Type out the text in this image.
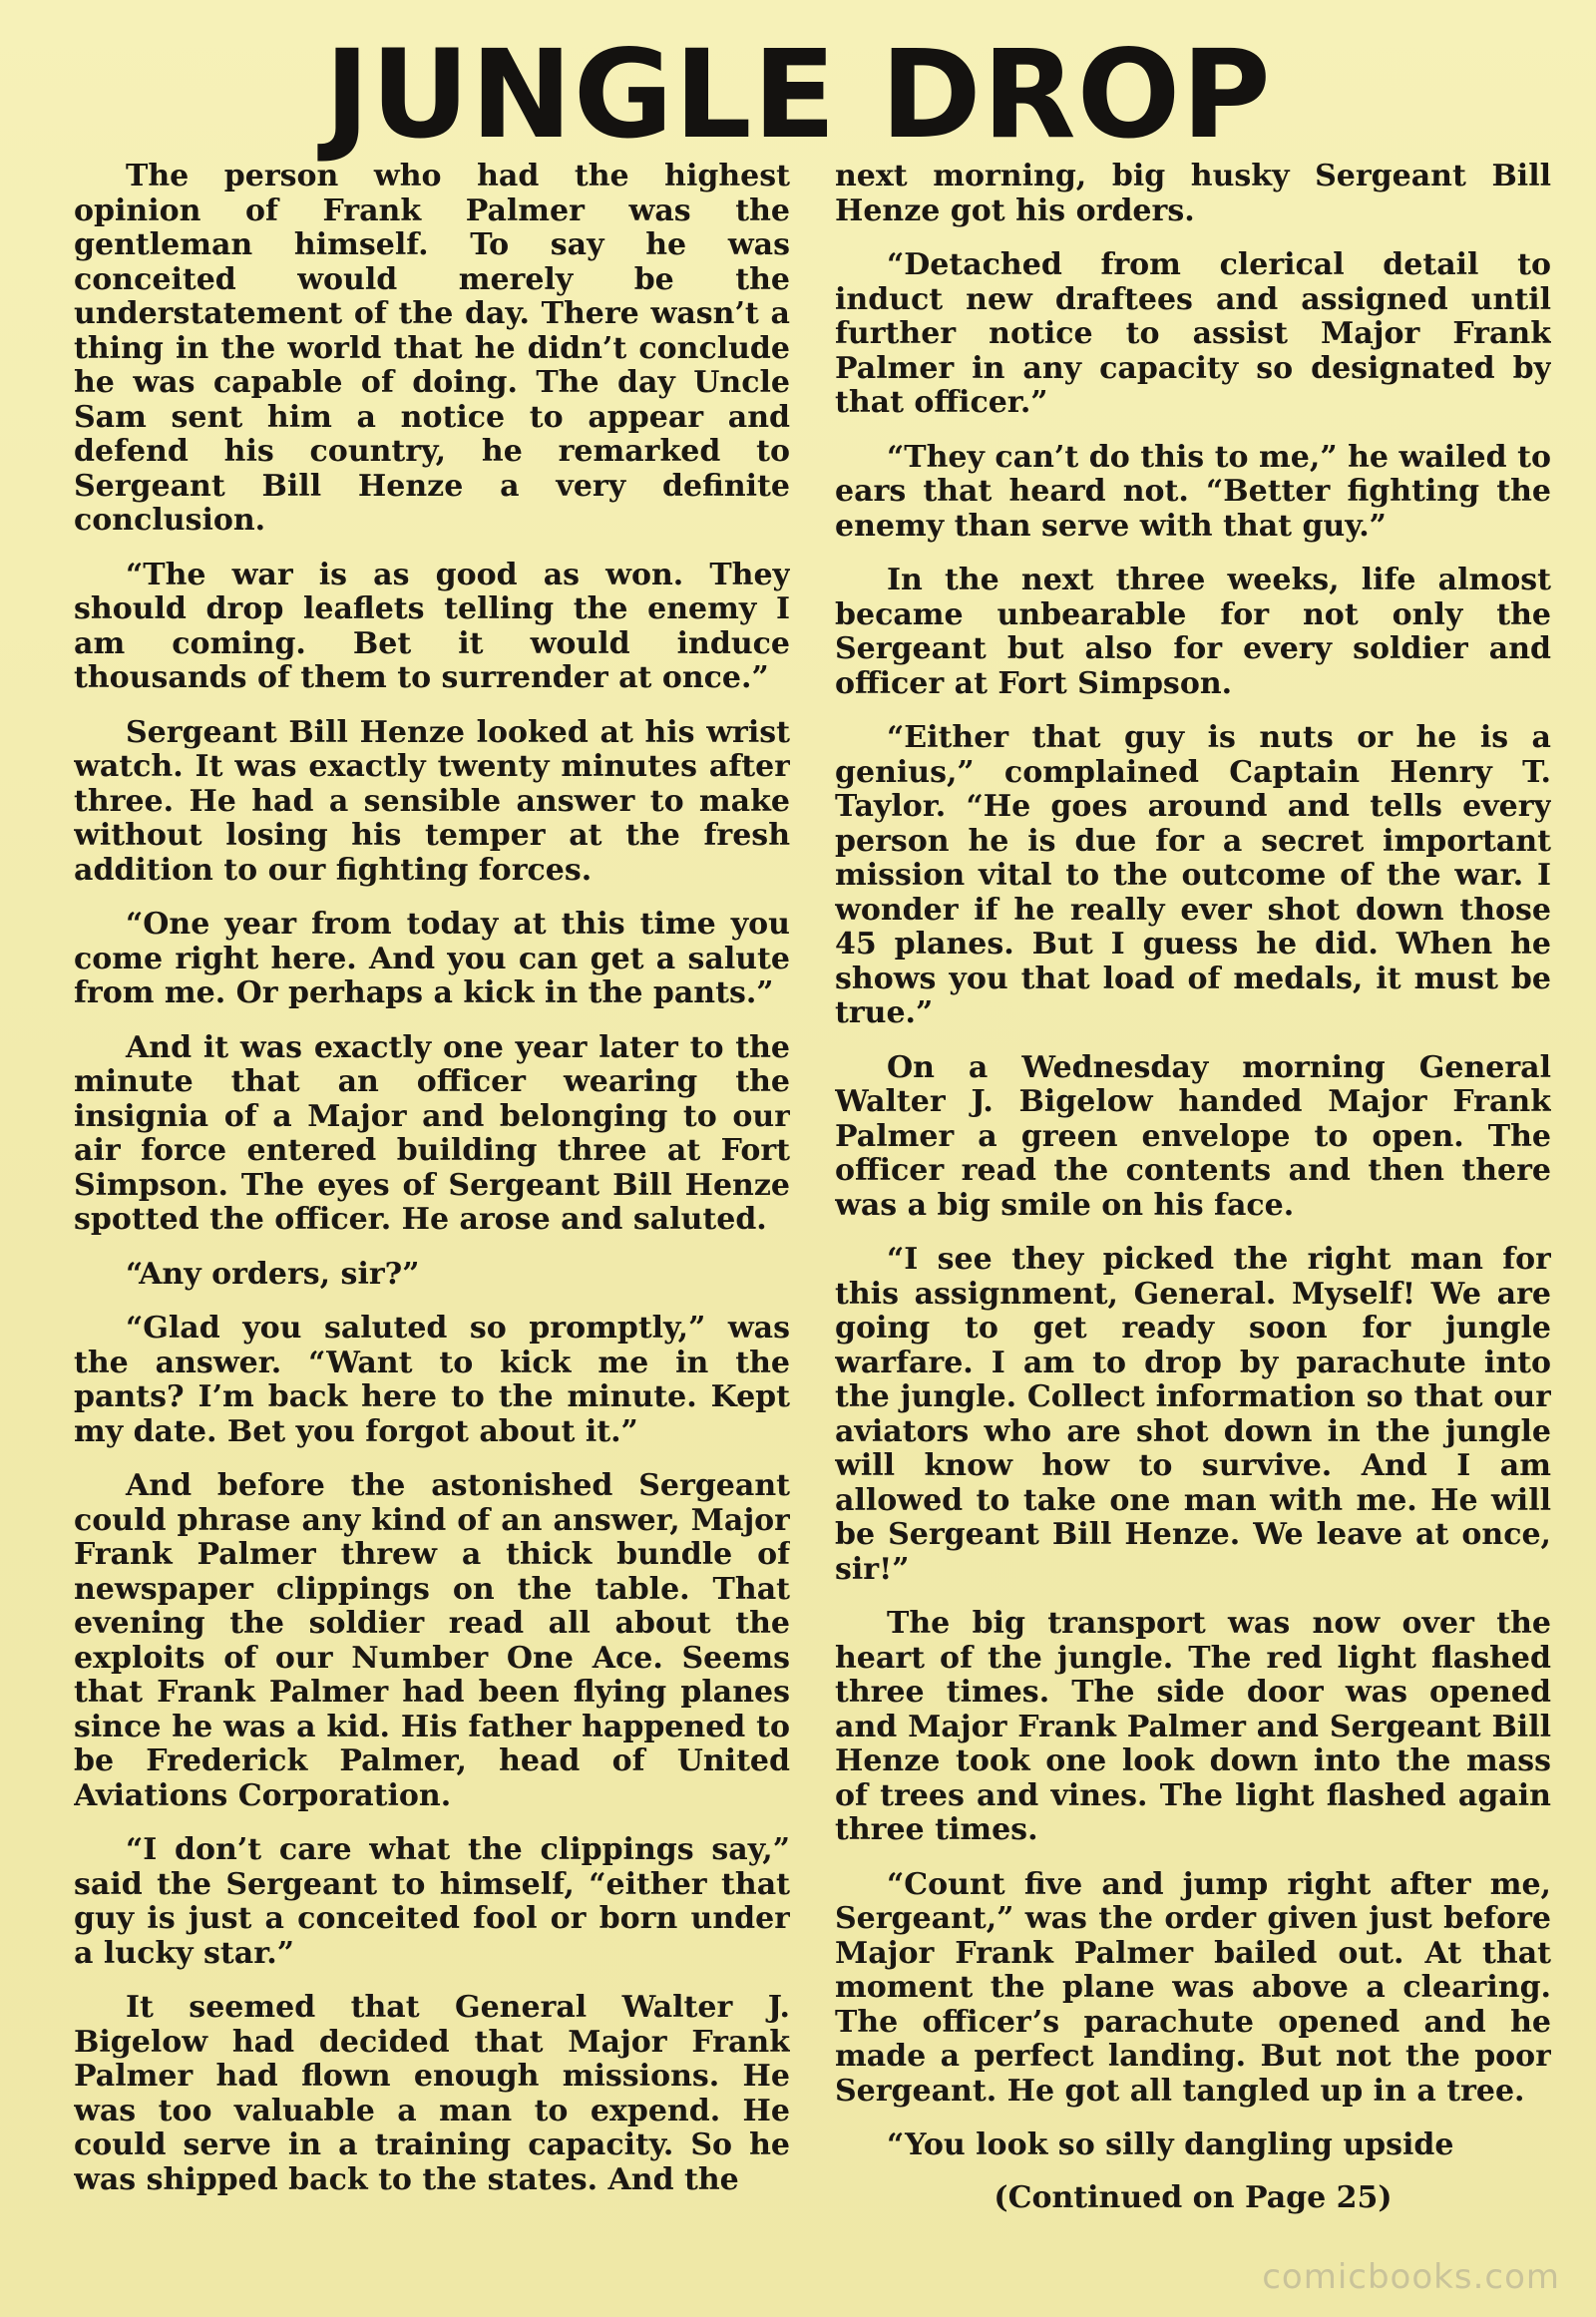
JUNGLE DROP

The person who had the highest opinion of Frank Palmer was the gentleman himself. To say he was conceited would merely be the understatement of the day. There wasn’t a thing in the world that he didn’t conclude he was capable of doing. The day Uncle Sam sent him a notice to appear and defend his country, he remarked to Sergeant Bill Henze a very definite conclusion.

“The war is as good as won. They should drop leaflets telling the enemy I am coming. Bet it would induce thousands of them to surrender at once.”

Sergeant Bill Henze looked at his wrist watch. It was exactly twenty minutes after three. He had a sensible answer to make without losing his temper at the fresh addition to our fighting forces.

“One year from today at this time you come right here. And you can get a salute from me. Or perhaps a kick in the pants.”

And it was exactly one year later to the minute that an officer wearing the insignia of a Major and belonging to our air force entered building three at Fort Simpson. The eyes of Sergeant Bill Henze spotted the officer. He arose and saluted.

“Any orders, sir?”

“Glad you saluted so promptly,” was the answer. “Want to kick me in the pants? I’m back here to the minute. Kept my date. Bet you forgot about it.”

And before the astonished Sergeant could phrase any kind of an answer, Major Frank Palmer threw a thick bundle of newspaper clippings on the table. That evening the soldier read all about the exploits of our Number One Ace. Seems that Frank Palmer had been flying planes since he was a kid. His father happened to be Frederick Palmer, head of United Aviations Corporation.

“I don’t care what the clippings say,” said the Sergeant to himself, “either that guy is just a conceited fool or born under a lucky star.”

It seemed that General Walter J. Bigelow had decided that Major Frank Palmer had flown enough missions. He was too valuable a man to expend. He could serve in a training capacity. So he was shipped back to the states. And the

next morning, big husky Sergeant Bill Henze got his orders.

“Detached from clerical detail to induct new draftees and assigned until further notice to assist Major Frank Palmer in any capacity so designated by that officer.”

“They can’t do this to me,” he wailed to ears that heard not. “Better fighting the enemy than serve with that guy.”

In the next three weeks, life almost became unbearable for not only the Sergeant but also for every soldier and officer at Fort Simpson.

“Either that guy is nuts or he is a genius,” complained Captain Henry T. Taylor. “He goes around and tells every person he is due for a secret important mission vital to the outcome of the war. I wonder if he really ever shot down those 45 planes. But I guess he did. When he shows you that load of medals, it must be true.”

On a Wednesday morning General Walter J. Bigelow handed Major Frank Palmer a green envelope to open. The officer read the contents and then there was a big smile on his face.

“I see they picked the right man for this assignment, General. Myself! We are going to get ready soon for jungle warfare. I am to drop by parachute into the jungle. Collect information so that our aviators who are shot down in the jungle will know how to survive. And I am allowed to take one man with me. He will be Sergeant Bill Henze. We leave at once, sir!”

The big transport was now over the heart of the jungle. The red light flashed three times. The side door was opened and Major Frank Palmer and Sergeant Bill Henze took one look down into the mass of trees and vines. The light flashed again three times.

“Count five and jump right after me, Sergeant,” was the order given just before Major Frank Palmer bailed out. At that moment the plane was above a clearing. The officer’s parachute opened and he made a perfect landing. But not the poor Sergeant. He got all tangled up in a tree.

“You look so silly dangling upside

(Continued on Page 25)

comicbooks.com
